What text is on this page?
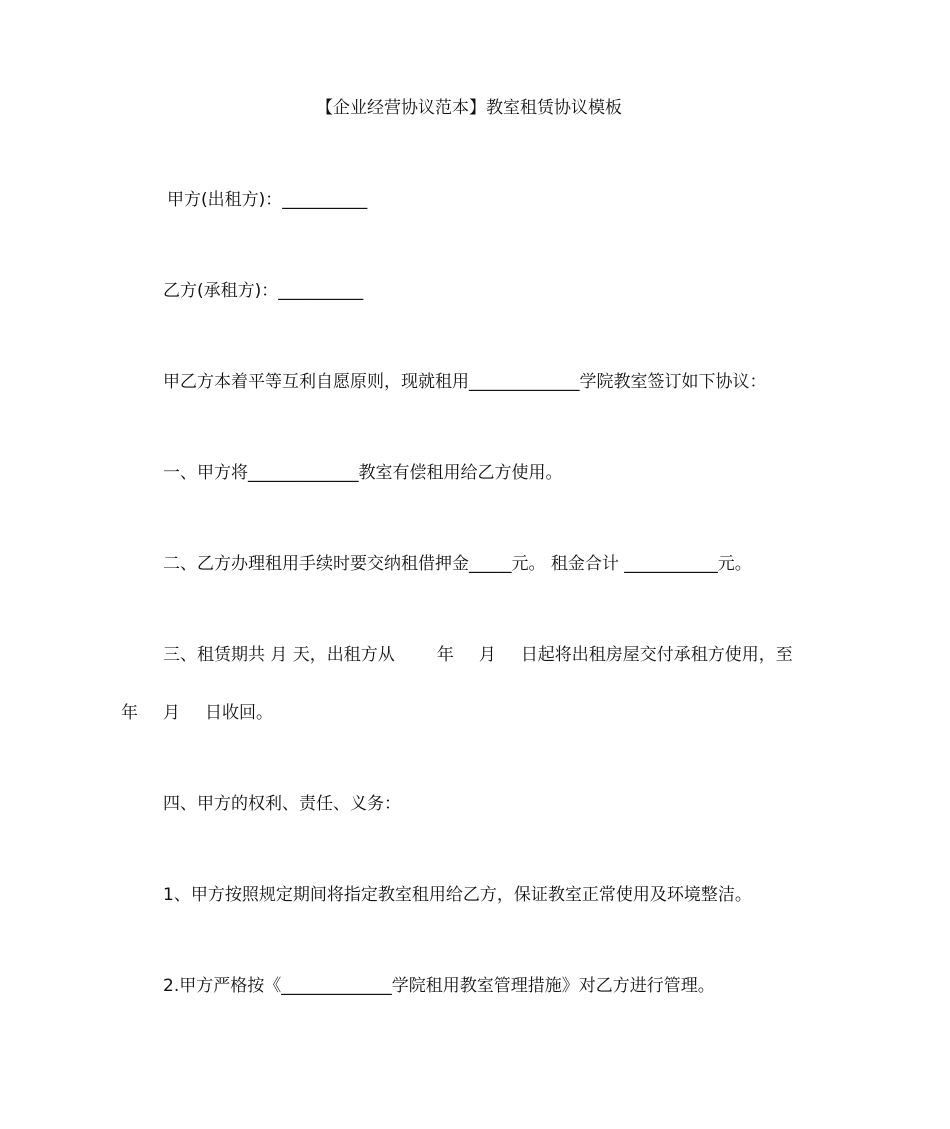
【企业经营协议范本】教室租赁协议模板
甲方(出租方)：__________
乙方(承租方)：__________
甲乙方本着平等互利自愿原则，现就租用_____________学院教室签订如下协议：
一、甲方将_____________教室有偿租用给乙方使用。
二、乙方办理租用手续时要交纳租借押金_____元。 租金合计 ___________元。
三、租赁期共 月 天，出租方从 年 月 日起将出租房屋交付承租方使用，至
年 月 日收回。
四、甲方的权利、责任、义务：
1、甲方按照规定期间将指定教室租用给乙方，保证教室正常使用及环境整洁。
2.甲方严格按《_____________学院租用教室管理措施》对乙方进行管理。
